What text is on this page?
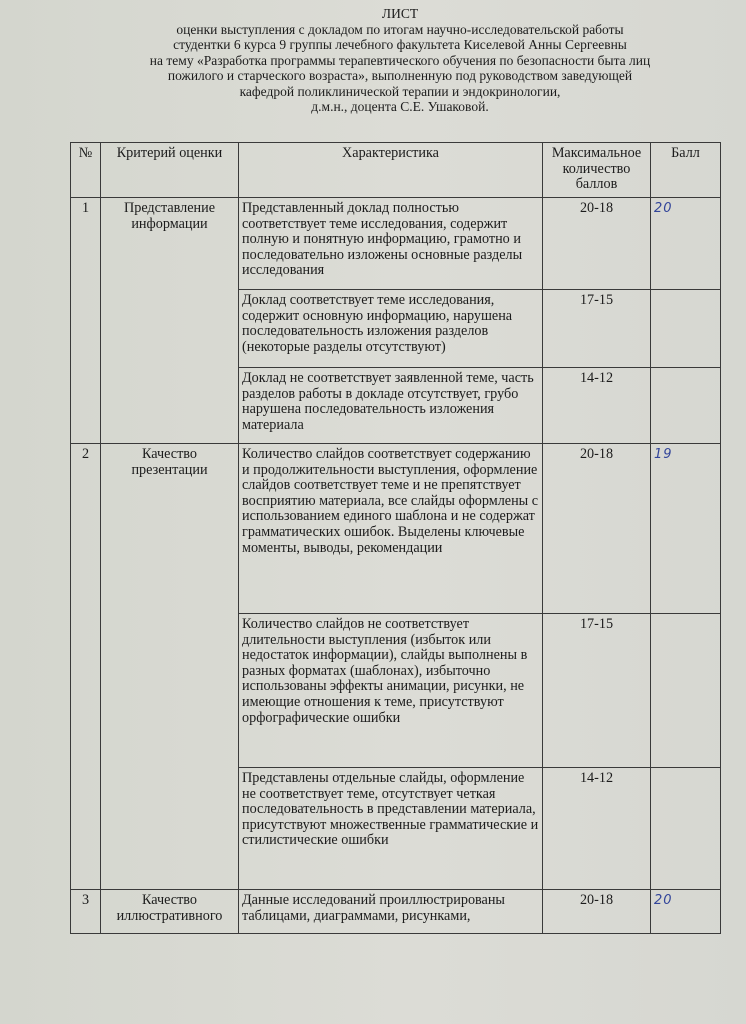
ЛИСТ
оценки выступления с докладом по итогам научно-исследовательской работы
студентки 6 курса 9 группы лечебного факультета Киселевой Анны Сергеевны
на тему «Разработка программы терапевтического обучения по безопасности быта лиц
пожилого и старческого возраста», выполненную под руководством заведующей
кафедрой поликлинической терапии и эндокринологии,
д.м.н., доцента С.Е. Ушаковой.
№	Критерий оценки	Характеристика	Максимальное количество баллов	Балл
1	Представление информации	Представленный доклад полностью соответствует теме исследования, содержит полную и понятную информацию, грамотно и последовательно изложены основные разделы исследования	20-18	20
		Доклад соответствует теме исследования, содержит основную информацию, нарушена последовательность изложения разделов (некоторые разделы отсутствуют)	17-15	
		Доклад не соответствует заявленной теме, часть разделов работы в докладе отсутствует, грубо нарушена последовательность изложения материала	14-12	
2	Качество презентации	Количество слайдов соответствует содержанию и продолжительности выступления, оформление слайдов соответствует теме и не препятствует восприятию материала, все слайды оформлены с использованием единого шаблона и не содержат грамматических ошибок. Выделены ключевые моменты, выводы, рекомендации	20-18	19
		Количество слайдов не соответствует длительности выступления (избыток или недостаток информации), слайды выполнены в разных форматах (шаблонах), избыточно использованы эффекты анимации, рисунки, не имеющие отношения к теме, присутствуют орфографические ошибки	17-15	
		Представлены отдельные слайды, оформление не соответствует теме, отсутствует четкая последовательность в представлении материала, присутствуют множественные грамматические и стилистические ошибки	14-12	
3	Качество иллюстративного	Данные исследований проиллюстрированы таблицами, диаграммами, рисунками,	20-18	20
